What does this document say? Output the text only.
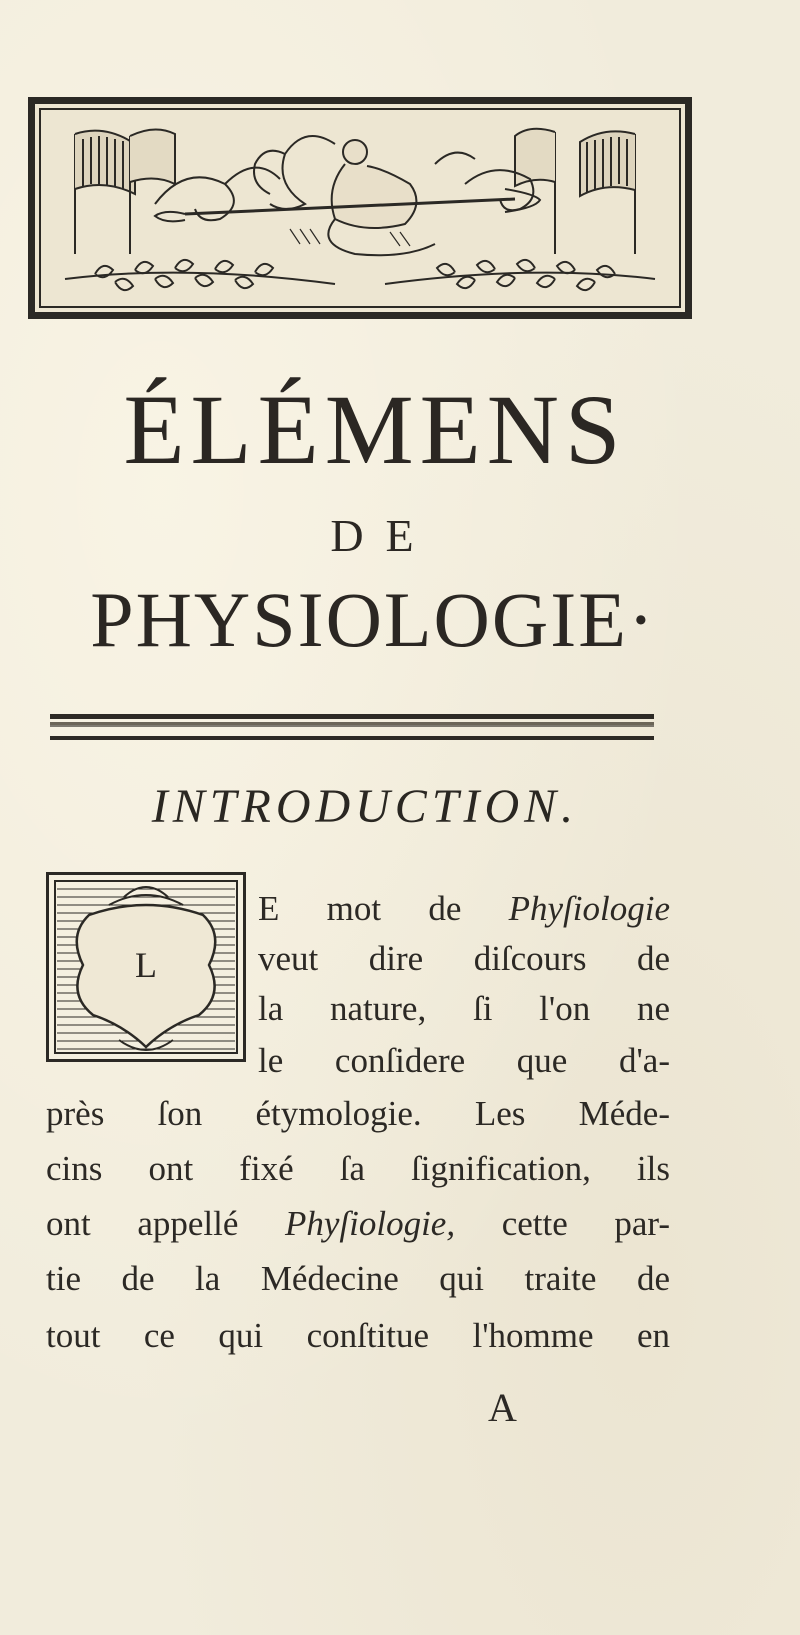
ÉLÉMENS
DE
PHYSIOLOGIE·
INTRODUCTION.
L
E mot de Phyſiologie
veut dire diſcours de
la nature, ſi l'on ne
le conſidere que d'a-
près ſon étymologie. Les Méde-
cins ont fixé ſa ſignification, ils
ont appellé Phyſiologie, cette par-
tie de la Médecine qui traite de
tout ce qui conſtitue l'homme en
A
